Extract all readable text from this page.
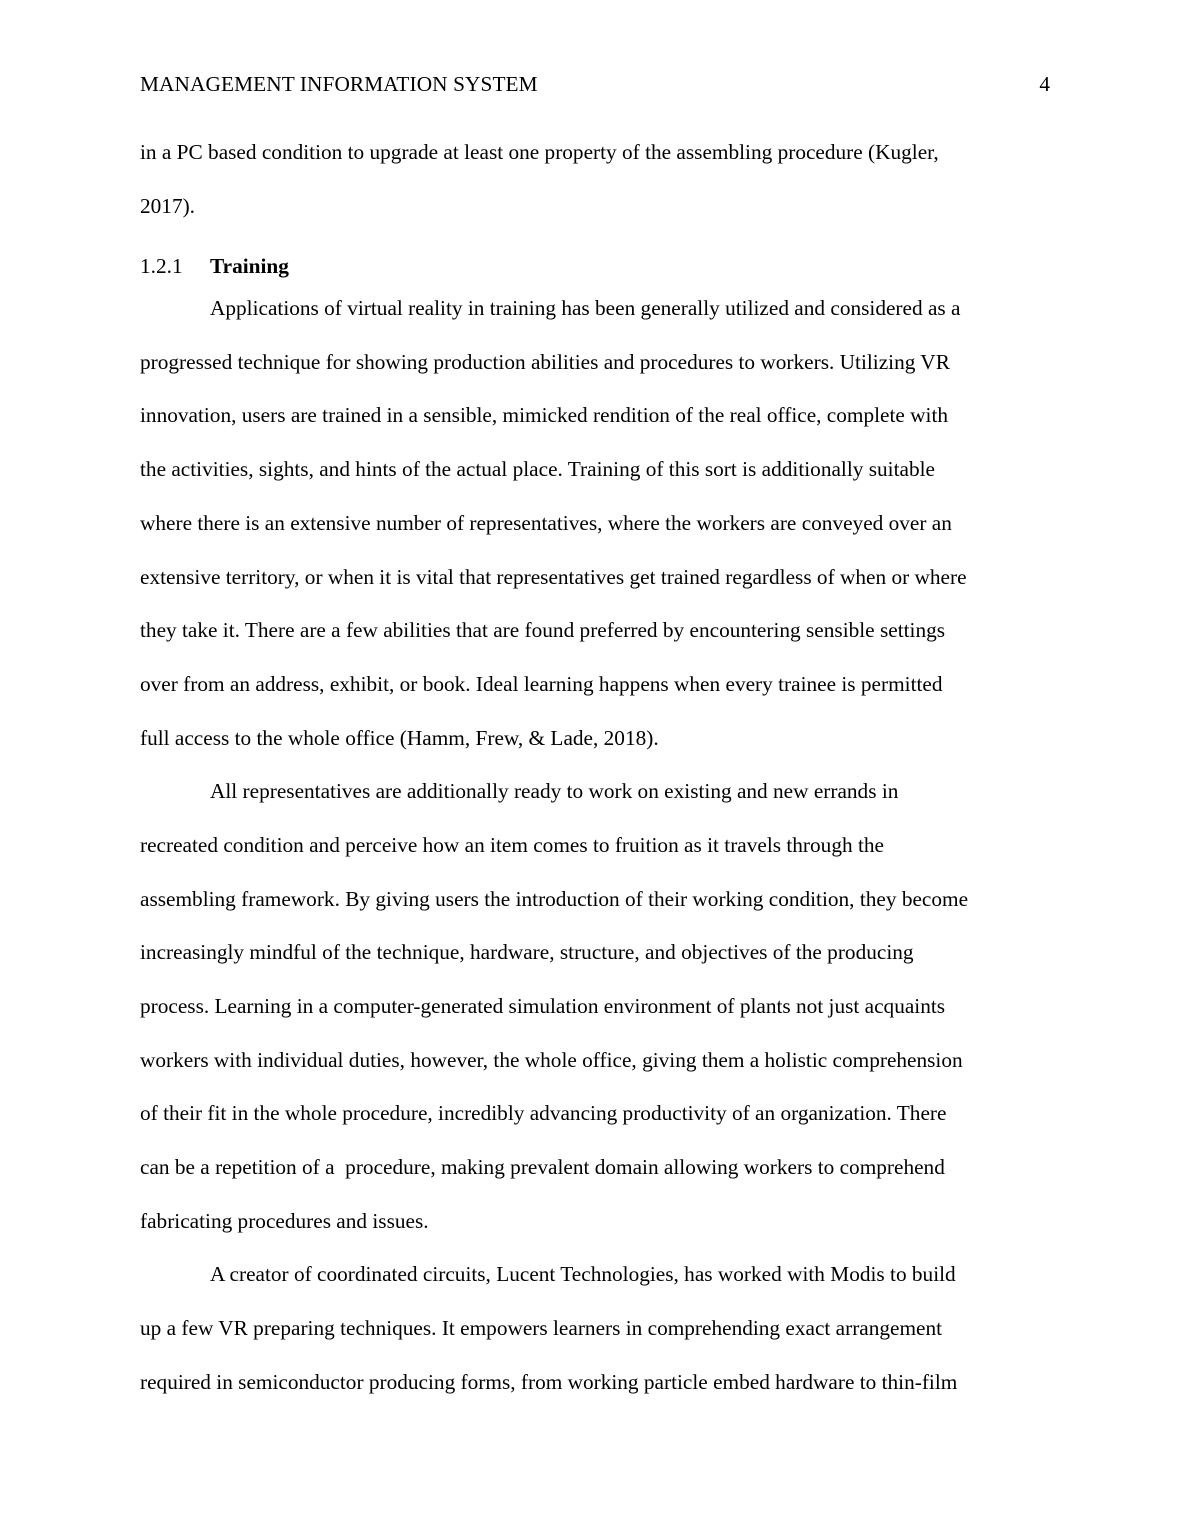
MANAGEMENT INFORMATION SYSTEM	4
in a PC based condition to upgrade at least one property of the assembling procedure (Kugler,
2017).
1.2.1 Training
Applications of virtual reality in training has been generally utilized and considered as a
progressed technique for showing production abilities and procedures to workers. Utilizing VR
innovation, users are trained in a sensible, mimicked rendition of the real office, complete with
the activities, sights, and hints of the actual place. Training of this sort is additionally suitable
where there is an extensive number of representatives, where the workers are conveyed over an
extensive territory, or when it is vital that representatives get trained regardless of when or where
they take it. There are a few abilities that are found preferred by encountering sensible settings
over from an address, exhibit, or book. Ideal learning happens when every trainee is permitted
full access to the whole office (Hamm, Frew, & Lade, 2018).
All representatives are additionally ready to work on existing and new errands in
recreated condition and perceive how an item comes to fruition as it travels through the
assembling framework. By giving users the introduction of their working condition, they become
increasingly mindful of the technique, hardware, structure, and objectives of the producing
process. Learning in a computer-generated simulation environment of plants not just acquaints
workers with individual duties, however, the whole office, giving them a holistic comprehension
of their fit in the whole procedure, incredibly advancing productivity of an organization. There
can be a repetition of a  procedure, making prevalent domain allowing workers to comprehend
fabricating procedures and issues.
A creator of coordinated circuits, Lucent Technologies, has worked with Modis to build
up a few VR preparing techniques. It empowers learners in comprehending exact arrangement
required in semiconductor producing forms, from working particle embed hardware to thin-film
